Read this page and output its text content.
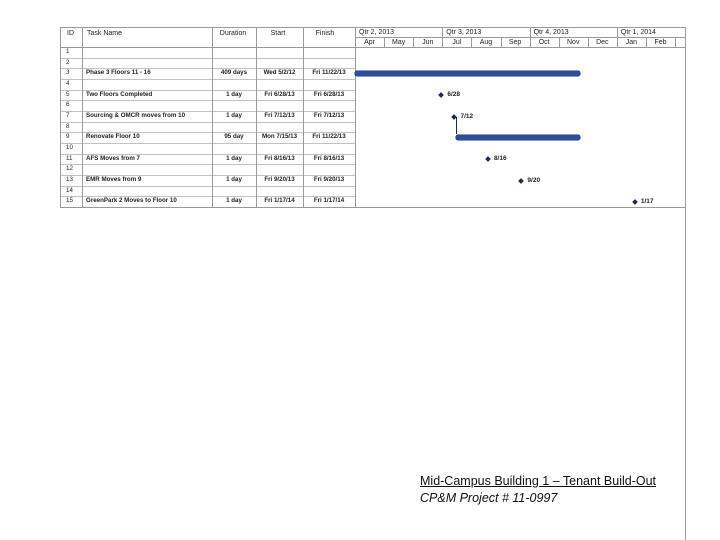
ID Task Name	Duration	Start	Finish	Qtr 2, 2013	Qtr 3, 2013	Qtr 4, 2013	Qtr 1, 2014
Apr	May	Jun	Jul	Aug	Sep	Oct	Nov	Dec	Jan	Feb
1
2
3	Phase 3 Floors 11 - 16	409 days	Wed 5/2/12	Fri 11/22/13
4
5	Two Floors Completed	1 day	Fri 6/28/13	Fri 6/28/13
6
7	Sourcing & OMCR moves from 10	1 day	Fri 7/12/13	Fri 7/12/13
8
9	Renovate Floor 10	95 day	Mon 7/15/13	Fri 11/22/13
10
11 AFS Moves from 7	1 day	Fri 8/16/13	Fri 8/16/13
12
13 EMR Moves from 9	1 day	Fri 9/20/13	Fri 9/20/13
14
15 GreenPark 2 Moves to Floor 10	1 day	Fri 1/17/14	Fri 1/17/14
6/28
7/12
8/16
9/20
1/17
Mid-Campus Building 1 – Tenant Build-Out
CP&M Project # 11-0997
